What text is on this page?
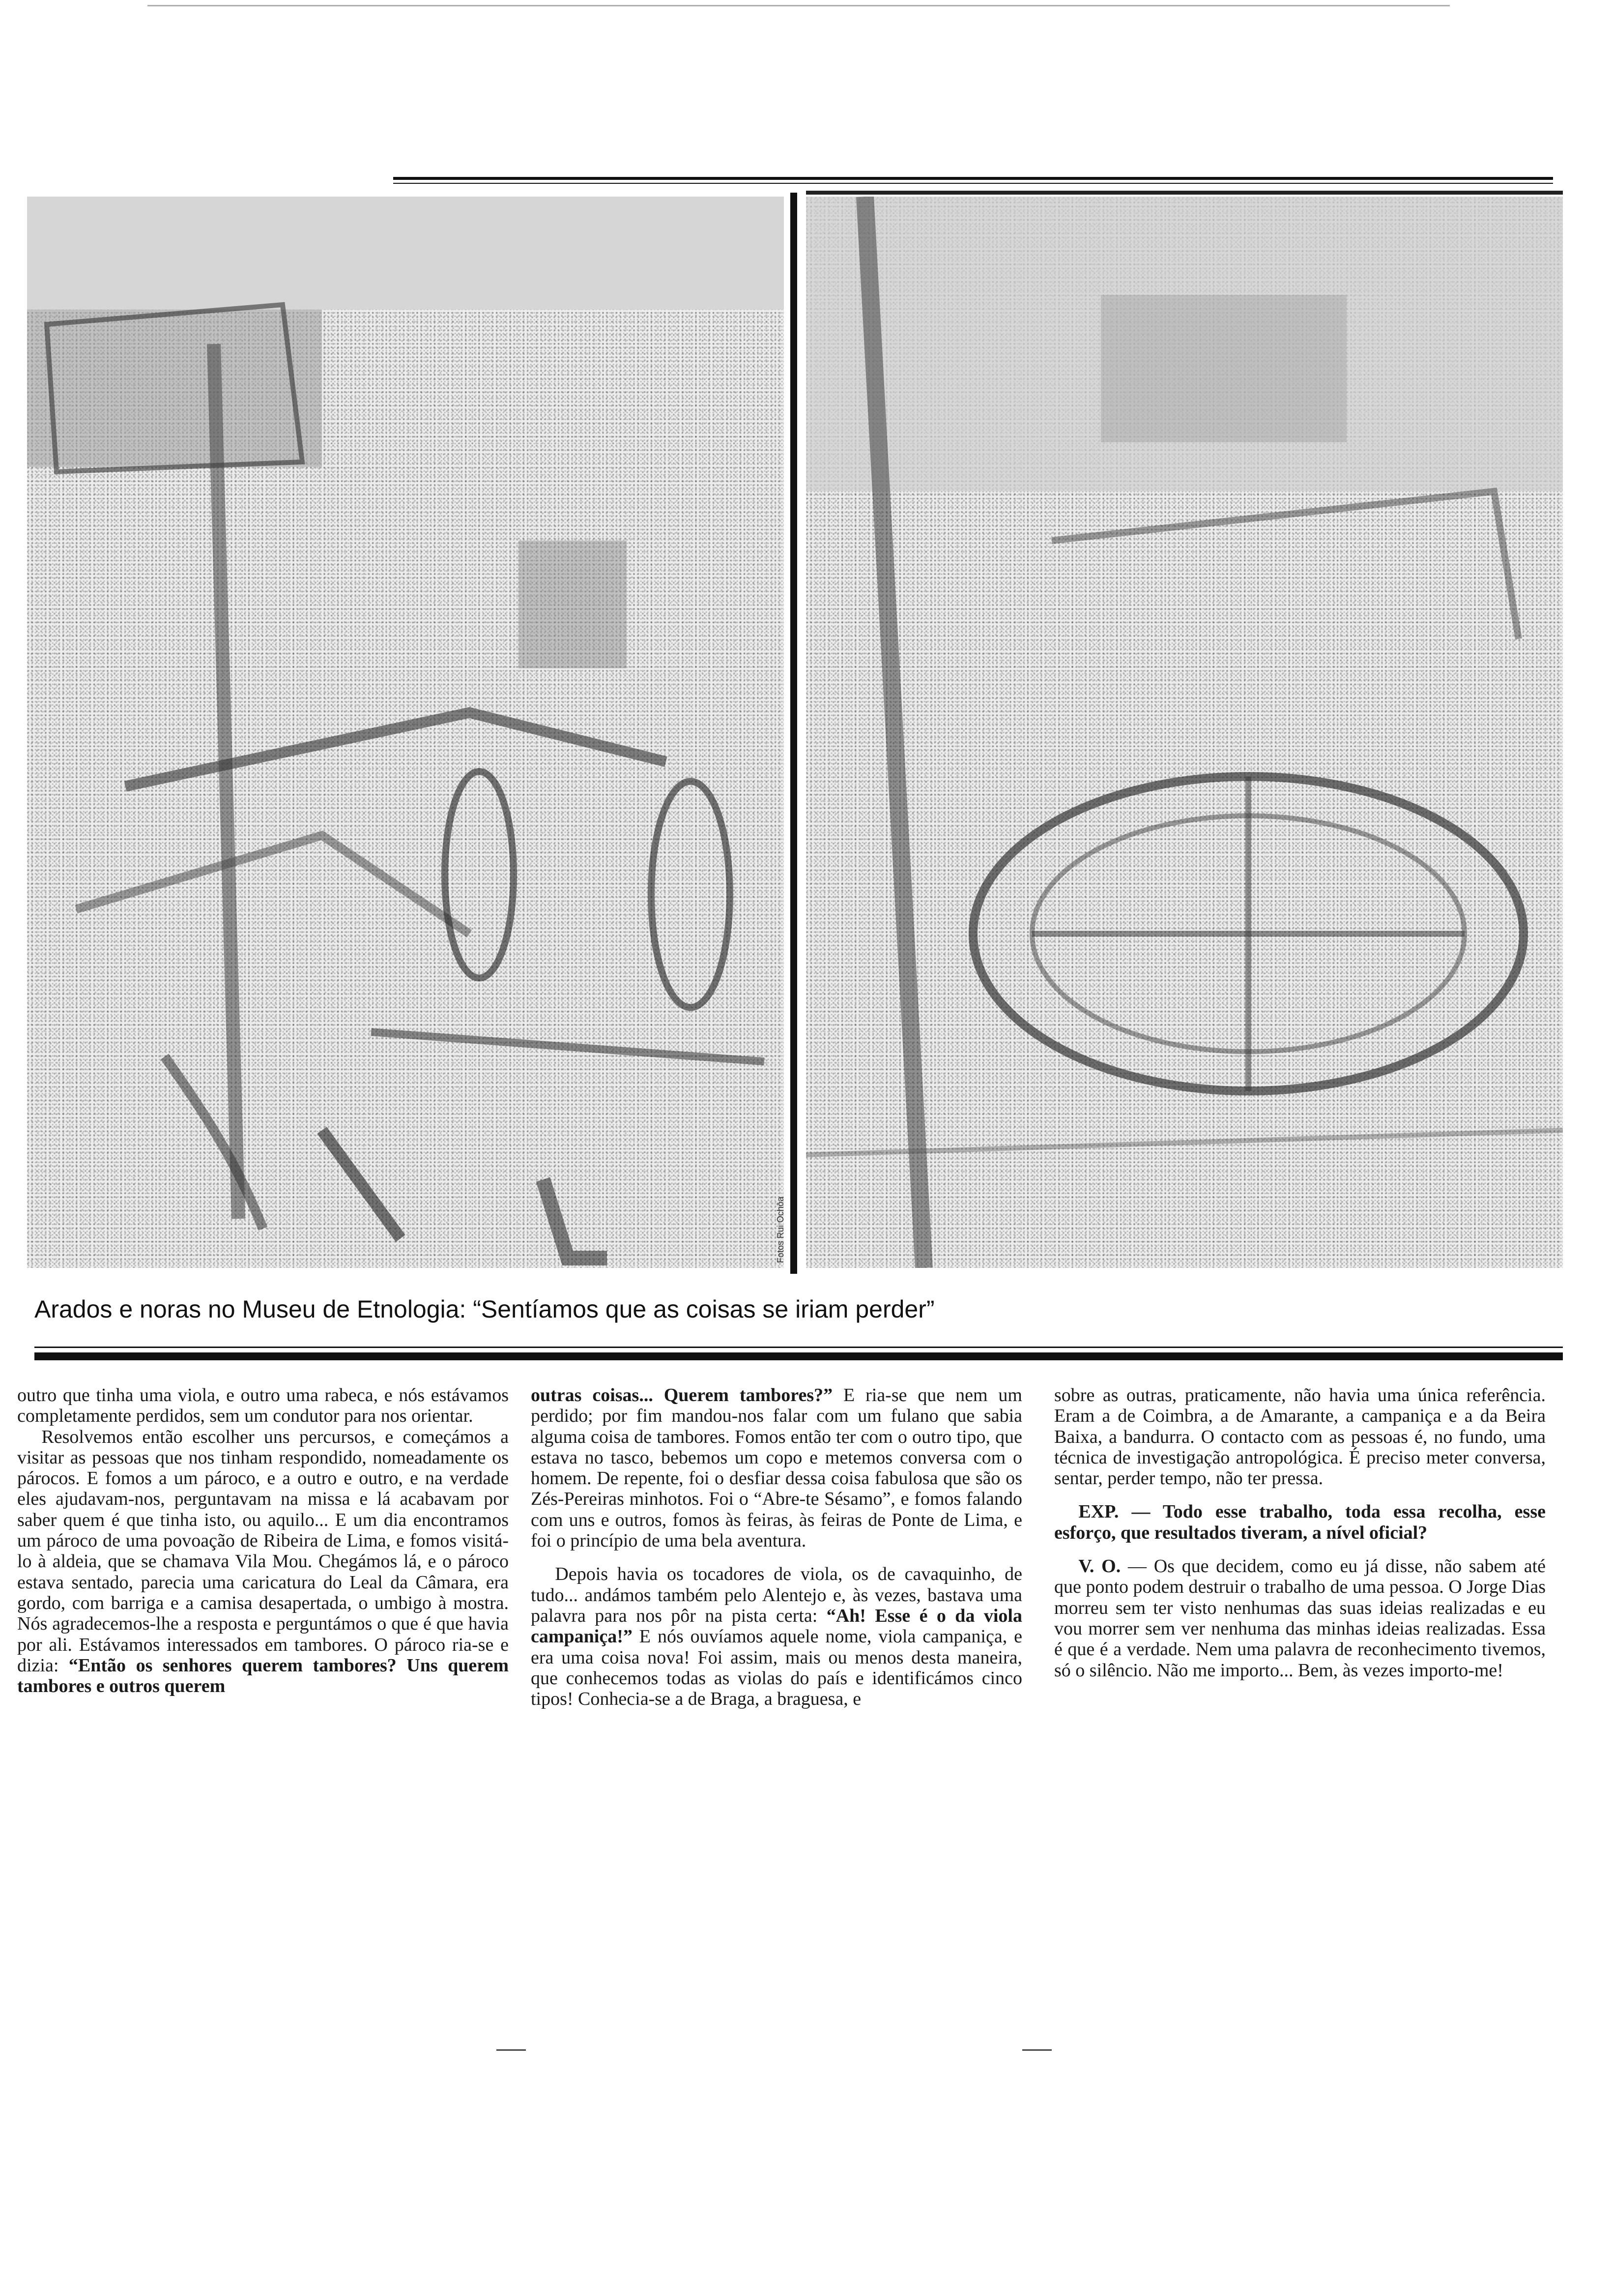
Fotos Rui Ochôa
Arados e noras no Museu de Etnologia: “Sentíamos que as coisas se iriam perder”

outro que tinha uma viola, e outro uma rabeca, e nós estávamos completamente perdidos, sem um condutor para nos orientar.

Resolvemos então escolher uns percursos, e começámos a visitar as pessoas que nos tinham respondido, nomeadamente os párocos. E fomos a um pároco, e a outro e outro, e na verdade eles ajudavam-nos, perguntavam na missa e lá acabavam por saber quem é que tinha isto, ou aquilo... E um dia encontramos um pároco de uma povoação de Ribeira de Lima, e fomos visitá-lo à aldeia, que se chamava Vila Mou. Chegámos lá, e o pároco estava sentado, parecia uma caricatura do Leal da Câmara, era gordo, com barriga e a camisa desapertada, o umbigo à mostra. Nós agradecemos-lhe a resposta e perguntámos o que é que havia por ali. Estávamos interessados em tambores. O pároco ria-se e dizia: “Então os senhores querem tambores? Uns querem tambores e outros querem

outras coisas... Querem tambores?” E ria-se que nem um perdido; por fim mandou-nos falar com um fulano que sabia alguma coisa de tambores. Fomos então ter com o outro tipo, que estava no tasco, bebemos um copo e metemos conversa com o homem. De repente, foi o desfiar dessa coisa fabulosa que são os Zés-Pereiras minhotos. Foi o “Abre-te Sésamo”, e fomos falando com uns e outros, fomos às feiras, às feiras de Ponte de Lima, e foi o princípio de uma bela aventura.

Depois havia os tocadores de viola, os de cavaquinho, de tudo... andámos também pelo Alentejo e, às vezes, bastava uma palavra para nos pôr na pista certa: “Ah! Esse é o da viola campaniça!” E nós ouvíamos aquele nome, viola campaniça, e era uma coisa nova! Foi assim, mais ou menos desta maneira, que conhecemos todas as violas do país e identificámos cinco tipos! Conhecia-se a de Braga, a braguesa, e

sobre as outras, praticamente, não havia uma única referência. Eram a de Coimbra, a de Amarante, a campaniça e a da Beira Baixa, a bandurra. O contacto com as pessoas é, no fundo, uma técnica de investigação antropológica. É preciso meter conversa, sentar, perder tempo, não ter pressa.

EXP. — Todo esse trabalho, toda essa recolha, esse esforço, que resultados tiveram, a nível oficial?

V. O. — Os que decidem, como eu já disse, não sabem até que ponto podem destruir o trabalho de uma pessoa. O Jorge Dias morreu sem ter visto nenhumas das suas ideias realizadas e eu vou morrer sem ver nenhuma das minhas ideias realizadas. Essa é que é a verdade. Nem uma palavra de reconhecimento tivemos, só o silêncio. Não me importo... Bem, às vezes importo-me!
